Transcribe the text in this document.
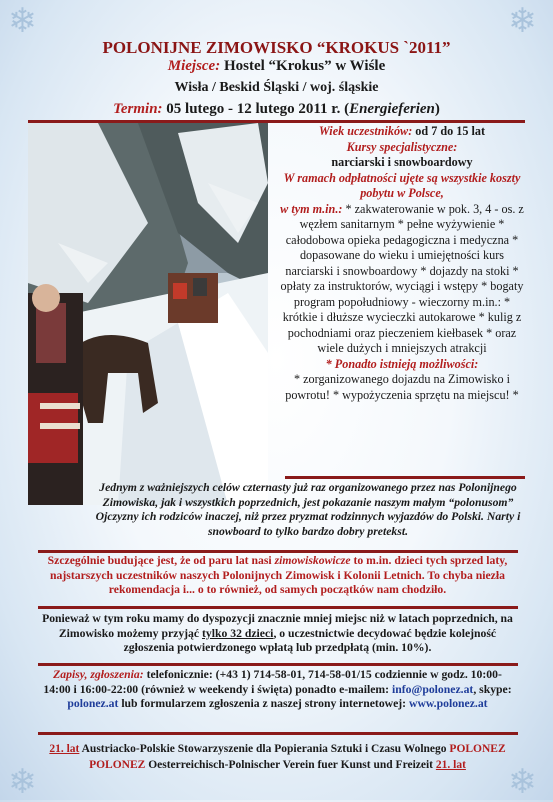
❄	❄
❄	❄
POLONIJNE ZIMOWISKO “KROKUS `2011”
Miejsce: Hostel “Krokus” w Wiśle
Wisła / Beskid Śląski / woj. śląskie
Termin: 05 lutego - 12 lutego 2011 r. (Energieferien)
Wiek uczestników: od 7 do 15 lat
Kursy specjalistyczne:
narciarski i snowboardowy
W ramach odpłatności ujęte są wszystkie koszty pobytu w Polsce,
w tym m.in.: * zakwaterowanie w pok. 3, 4 - os. z węzłem sanitarnym * pełne wyżywienie * całodobowa opieka pedagogiczna i medyczna * dopasowane do wieku i umiejętności kurs narciarski i snowboardowy * dojazdy na stoki * opłaty za instruktorów, wyciągi i wstępy * bogaty program popołudniowy - wieczorny m.in.: * krótkie i dłuższe wycieczki autokarowe * kulig z pochodniami oraz pieczeniem kiełbasek * oraz wiele dużych i mniejszych atrakcji
* Ponadto istnieją możliwości:
* zorganizowanego dojazdu na Zimowisko i powrotu! * wypożyczenia sprzętu na miejscu! *
Jednym z ważniejszych celów czternasty już raz organizowanego przez nas Polonijnego Zimowiska, jak i wszystkich poprzednich, jest pokazanie naszym małym “polonusom” Ojczyzny ich rodziców inaczej, niż przez pryzmat rodzinnych wyjazdów do Polski. Narty i snowboard to tylko bardzo dobry pretekst.
Szczególnie budujące jest, że od paru lat nasi zimowiskowicze to m.in. dzieci tych sprzed laty, najstarszych uczestników naszych Polonijnych Zimowisk i Kolonii Letnich. To chyba niezła rekomendacja i... o to również, od samych początków nam chodziło.
Ponieważ w tym roku mamy do dyspozycji znacznie mniej miejsc niż w latach poprzednich, na Zimowisko możemy przyjąć tylko 32 dzieci, o uczestnictwie decydować będzie kolejność zgłoszenia potwierdzonego wpłatą lub przedpłatą (min. 10%).
Zapisy, zgłoszenia: telefonicznie: (+43 1) 714-58-01, 714-58-01/15 codziennie w godz. 10:00-14:00 i 16:00-22:00 (również w weekendy i święta) ponadto e-mailem: info@polonez.at, skype: polonez.at lub formularzem zgłoszenia z naszej strony internetowej: www.polonez.at
21. lat Austriacko-Polskie Stowarzyszenie dla Popierania Sztuki i Czasu Wolnego POLONEZ
POLONEZ Oesterreichisch-Polnischer Verein fuer Kunst und Freizeit 21. lat
